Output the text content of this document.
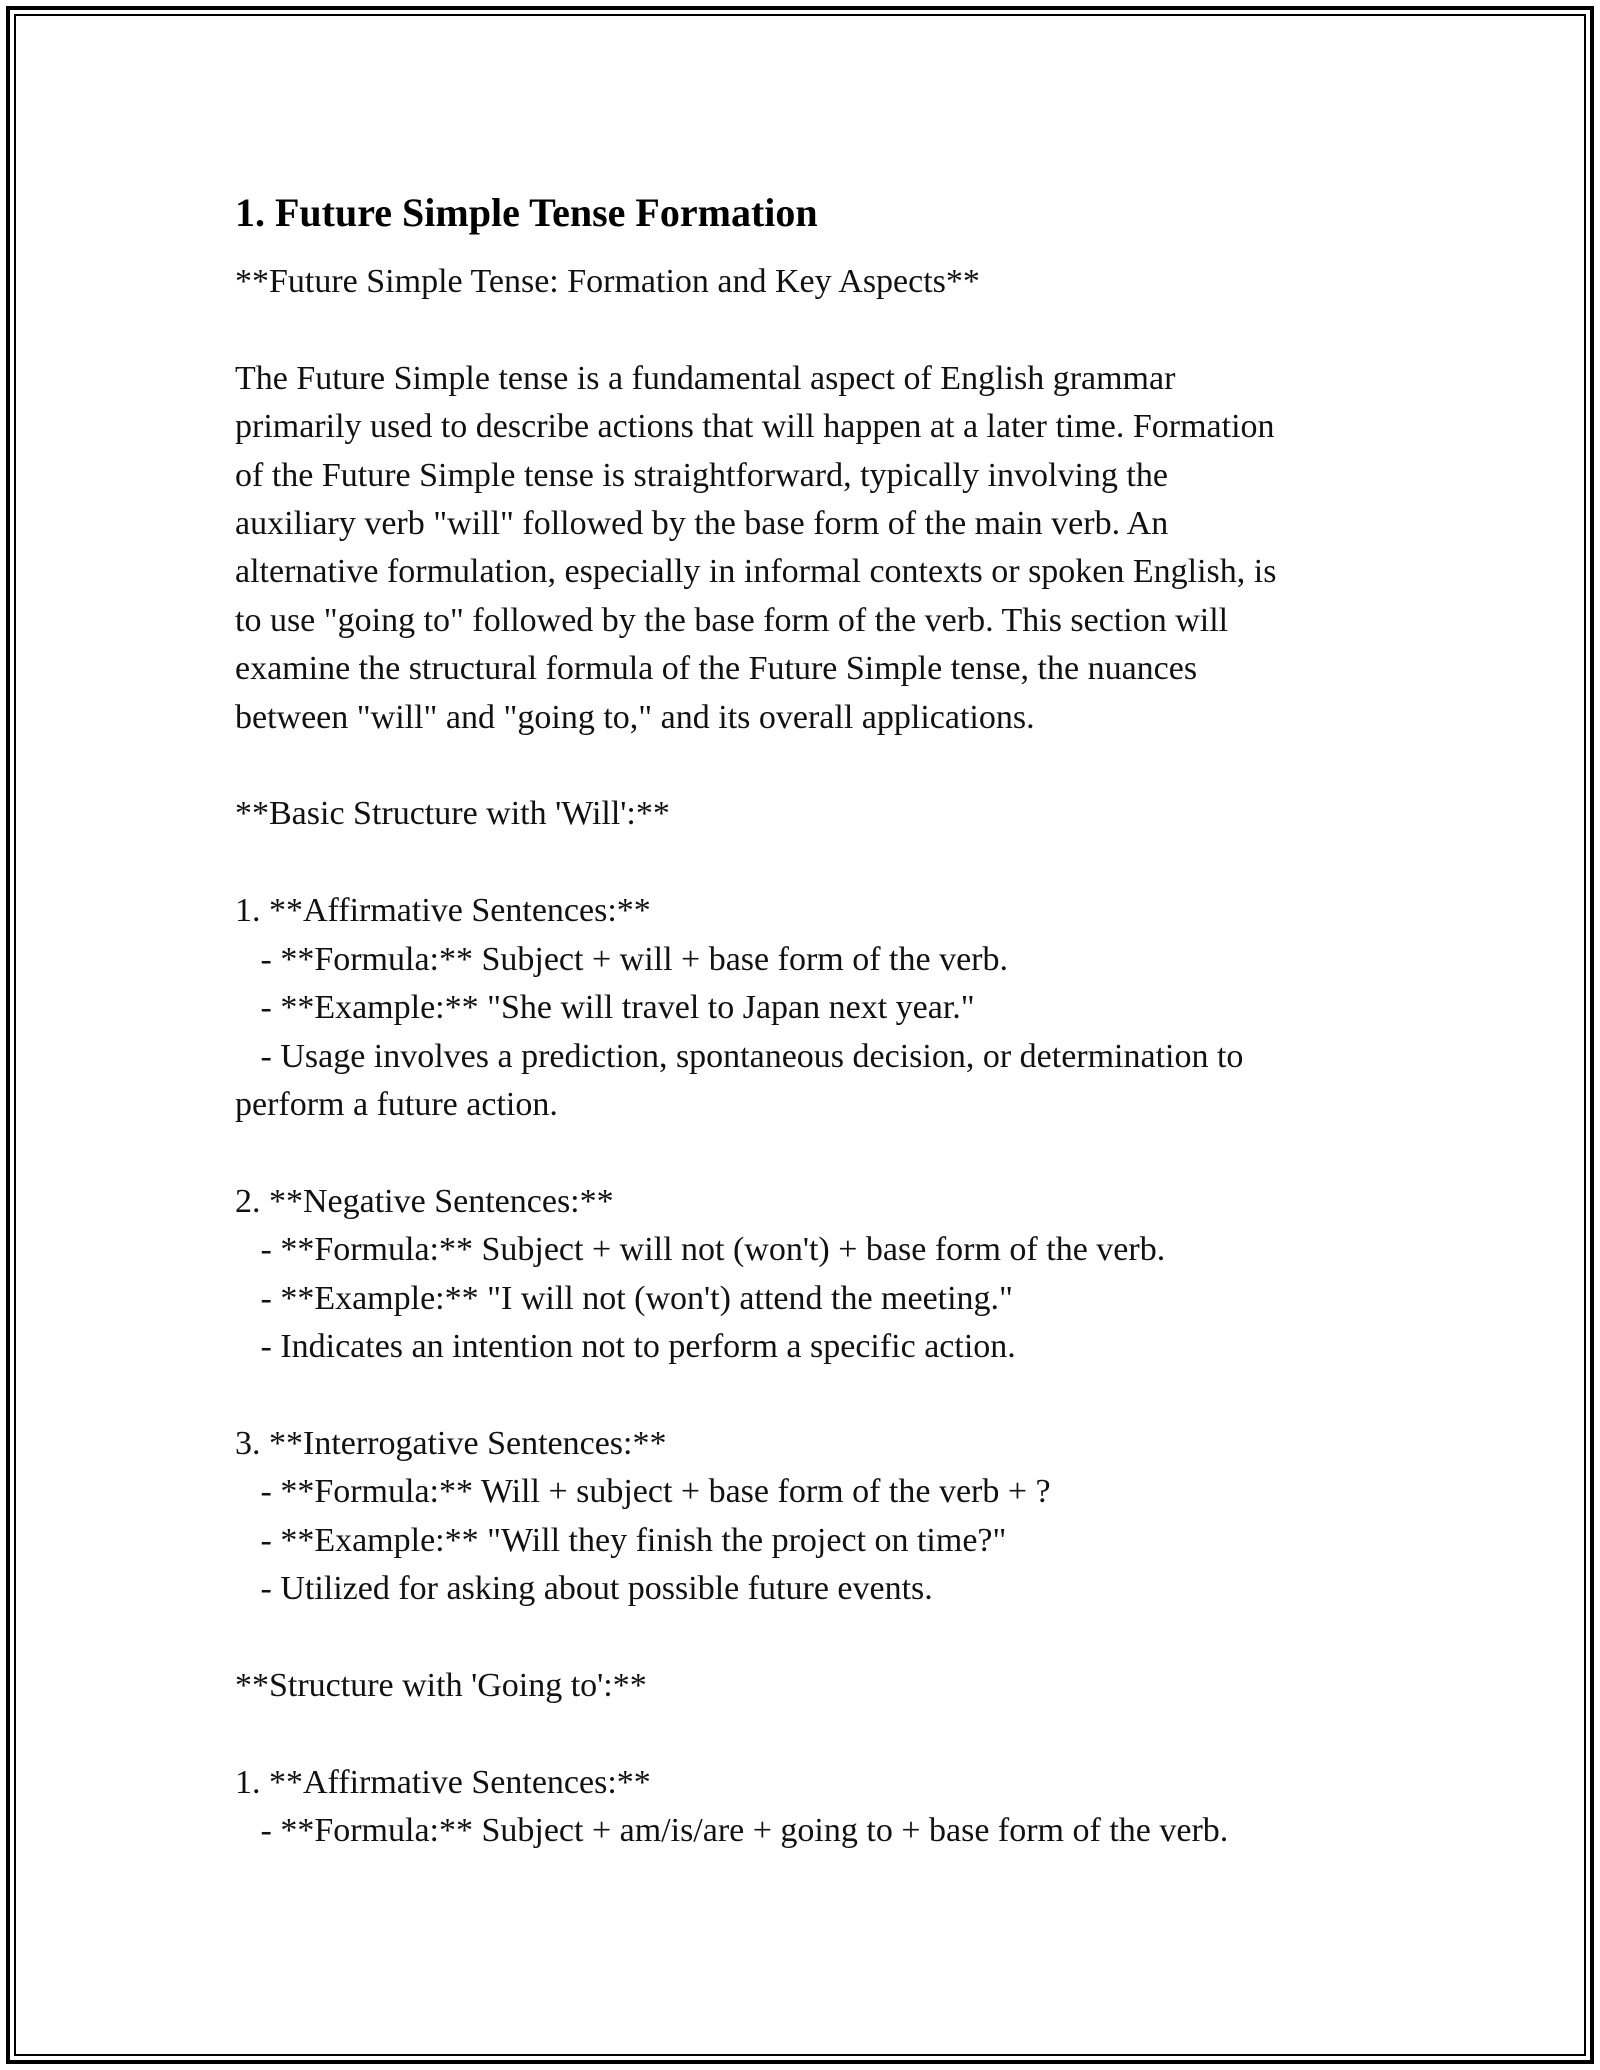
1. Future Simple Tense Formation
**Future Simple Tense: Formation and Key Aspects**

The Future Simple tense is a fundamental aspect of English grammar
primarily used to describe actions that will happen at a later time. Formation
of the Future Simple tense is straightforward, typically involving the
auxiliary verb "will" followed by the base form of the main verb. An
alternative formulation, especially in informal contexts or spoken English, is
to use "going to" followed by the base form of the verb. This section will
examine the structural formula of the Future Simple tense, the nuances
between "will" and "going to," and its overall applications.

**Basic Structure with 'Will':**

1. **Affirmative Sentences:**
- **Formula:** Subject + will + base form of the verb.
- **Example:** "She will travel to Japan next year."
- Usage involves a prediction, spontaneous decision, or determination to
perform a future action.

2. **Negative Sentences:**
- **Formula:** Subject + will not (won't) + base form of the verb.
- **Example:** "I will not (won't) attend the meeting."
- Indicates an intention not to perform a specific action.

3. **Interrogative Sentences:**
- **Formula:** Will + subject + base form of the verb + ?
- **Example:** "Will they finish the project on time?"
- Utilized for asking about possible future events.

**Structure with 'Going to':**

1. **Affirmative Sentences:**
- **Formula:** Subject + am/is/are + going to + base form of the verb.
